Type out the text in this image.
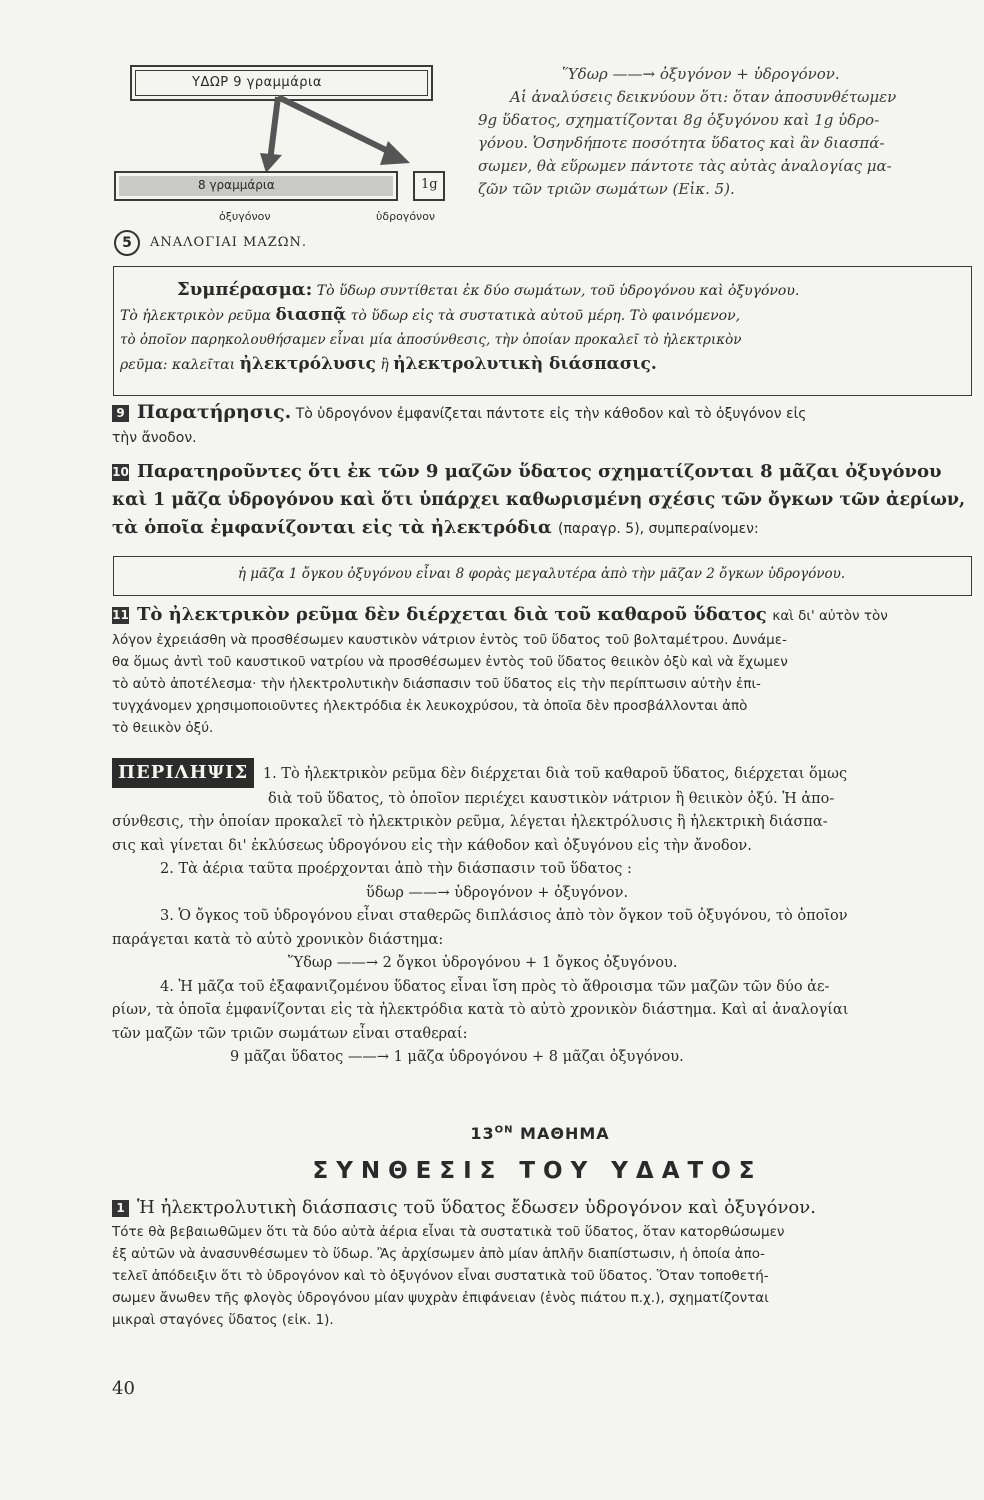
ΥΔΩΡ 9 γραμμάρια
8 γραμμάρια	1g
ὀξυγόνον	ὑδρογόνον
5	ΑΝΑΛΟΓΙΑΙ ΜΑΖΩΝ.
Ὕδωρ ——→ ὀξυγόνον + ὑδρογόνον.
Αἱ ἀναλύσεις δεικνύουν ὅτι: ὅταν ἀποσυνθέτωμεν
9g ὕδατος, σχηματίζονται 8g ὀξυγόνου καὶ 1g ὑδρο-
γόνου. Ὁσηνδήποτε ποσότητα ὕδατος καὶ ἂν διασπά-
σωμεν, θὰ εὕρωμεν πάντοτε τὰς αὐτὰς ἀναλογίας μα-
ζῶν τῶν τριῶν σωμάτων (Εἰκ. 5).
Συμπέρασμα: Τὸ ὕδωρ συντίθεται ἐκ δύο σωμάτων, τοῦ ὑδρογόνου καὶ ὀξυγόνου.
Τὸ ἠλεκτρικὸν ρεῦμα διασπᾷ τὸ ὕδωρ εἰς τὰ συστατικὰ αὐτοῦ μέρη. Τὸ φαινόμενον,
τὸ ὁποῖον παρηκολουθήσαμεν εἶναι μία ἀποσύνθεσις, τὴν ὁποίαν προκαλεῖ τὸ ἠλεκτρικὸν
ρεῦμα: καλεῖται ἠλεκτρόλυσις ἢ ἠλεκτρολυτικὴ διάσπασις.
9 Παρατήρησις. Τὸ ὑδρογόνον ἐμφανίζεται πάντοτε εἰς τὴν κάθοδον καὶ τὸ ὀξυγόνον εἰς
τὴν ἄνοδον.
10 Παρατηροῦντες ὅτι ἐκ τῶν 9 μαζῶν ὕδατος σχηματίζονται 8 μᾶζαι ὀξυγόνου
καὶ 1 μᾶζα ὑδρογόνου καὶ ὅτι ὑπάρχει καθωρισμένη σχέσις τῶν ὄγκων τῶν ἀερίων,
τὰ ὁποῖα ἐμφανίζονται εἰς τὰ ἠλεκτρόδια (παραγρ. 5), συμπεραίνομεν:
ἡ μᾶζα 1 ὄγκου ὀξυγόνου εἶναι 8 φορὰς μεγαλυτέρα ἀπὸ τὴν μᾶζαν 2 ὄγκων ὑδρογόνου.
11 Τὸ ἠλεκτρικὸν ρεῦμα δὲν διέρχεται διὰ τοῦ καθαροῦ ὕδατος καὶ δι' αὐτὸν τὸν
λόγον ἐχρειάσθη νὰ προσθέσωμεν καυστικὸν νάτριον ἐντὸς τοῦ ὕδατος τοῦ βολταμέτρου. Δυνάμε-
θα ὅμως ἀντὶ τοῦ καυστικοῦ νατρίου νὰ προσθέσωμεν ἐντὸς τοῦ ὕδατος θειικὸν ὀξὺ καὶ νὰ ἔχωμεν
τὸ αὐτὸ ἀποτέλεσμα· τὴν ἠλεκτρολυτικὴν διάσπασιν τοῦ ὕδατος εἰς τὴν περίπτωσιν αὐτὴν ἐπι-
τυγχάνομεν χρησιμοποιοῦντες ἠλεκτρόδια ἐκ λευκοχρύσου, τὰ ὁποῖα δὲν προσβάλλονται ἀπὸ
τὸ θειικὸν ὀξύ.
ΠΕΡΙΛΗΨΙΣ 1. Τὸ ἠλεκτρικὸν ρεῦμα δὲν διέρχεται διὰ τοῦ καθαροῦ ὕδατος, διέρχεται ὅμως
διὰ τοῦ ὕδατος, τὸ ὁποῖον περιέχει καυστικὸν νάτριον ἢ θειικὸν ὀξύ. Ἡ ἀπο-
σύνθεσις, τὴν ὁποίαν προκαλεῖ τὸ ἠλεκτρικὸν ρεῦμα, λέγεται ἠλεκτρόλυσις ἢ ἠλεκτρικὴ διάσπα-
σις καὶ γίνεται δι' ἐκλύσεως ὑδρογόνου εἰς τὴν κάθοδον καὶ ὀξυγόνου εἰς τὴν ἄνοδον.
2. Τὰ ἀέρια ταῦτα προέρχονται ἀπὸ τὴν διάσπασιν τοῦ ὕδατος :
ὕδωρ ——→ ὑδρογόνον + ὀξυγόνον.
3. Ὁ ὄγκος τοῦ ὑδρογόνου εἶναι σταθερῶς διπλάσιος ἀπὸ τὸν ὄγκον τοῦ ὀξυγόνου, τὸ ὁποῖον
παράγεται κατὰ τὸ αὐτὸ χρονικὸν διάστημα:
Ὕδωρ ——→ 2 ὄγκοι ὑδρογόνου + 1 ὄγκος ὀξυγόνου.
4. Ἡ μᾶζα τοῦ ἐξαφανιζομένου ὕδατος εἶναι ἴση πρὸς τὸ ἄθροισμα τῶν μαζῶν τῶν δύο ἀε-
ρίων, τὰ ὁποῖα ἐμφανίζονται εἰς τὰ ἠλεκτρόδια κατὰ τὸ αὐτὸ χρονικὸν διάστημα. Καὶ αἱ ἀναλογίαι
τῶν μαζῶν τῶν τριῶν σωμάτων εἶναι σταθεραί:
9 μᾶζαι ὕδατος ——→ 1 μᾶζα ὑδρογόνου + 8 μᾶζαι ὀξυγόνου.
$13^{ON}$ ΜΑΘΗΜΑ
ΣΥΝΘΕΣΙΣ ΤΟΥ ΥΔΑΤΟΣ
1 Ἡ ἠλεκτρολυτικὴ διάσπασις τοῦ ὕδατος ἔδωσεν ὑδρογόνον καὶ ὀξυγόνον.
Τότε θὰ βεβαιωθῶμεν ὅτι τὰ δύο αὐτὰ ἀέρια εἶναι τὰ συστατικὰ τοῦ ὕδατος, ὅταν κατορθώσωμεν
ἐξ αὐτῶν νὰ ἀνασυνθέσωμεν τὸ ὕδωρ. Ἂς ἀρχίσωμεν ἀπὸ μίαν ἁπλῆν διαπίστωσιν, ἡ ὁποία ἀπο-
τελεῖ ἀπόδειξιν ὅτι τὸ ὑδρογόνον καὶ τὸ ὀξυγόνον εἶναι συστατικὰ τοῦ ὕδατος. Ὅταν τοποθετή-
σωμεν ἄνωθεν τῆς φλογὸς ὑδρογόνου μίαν ψυχρὰν ἐπιφάνειαν (ἑνὸς πιάτου π.χ.), σχηματίζονται
μικραὶ σταγόνες ὕδατος (εἰκ. 1).
40
